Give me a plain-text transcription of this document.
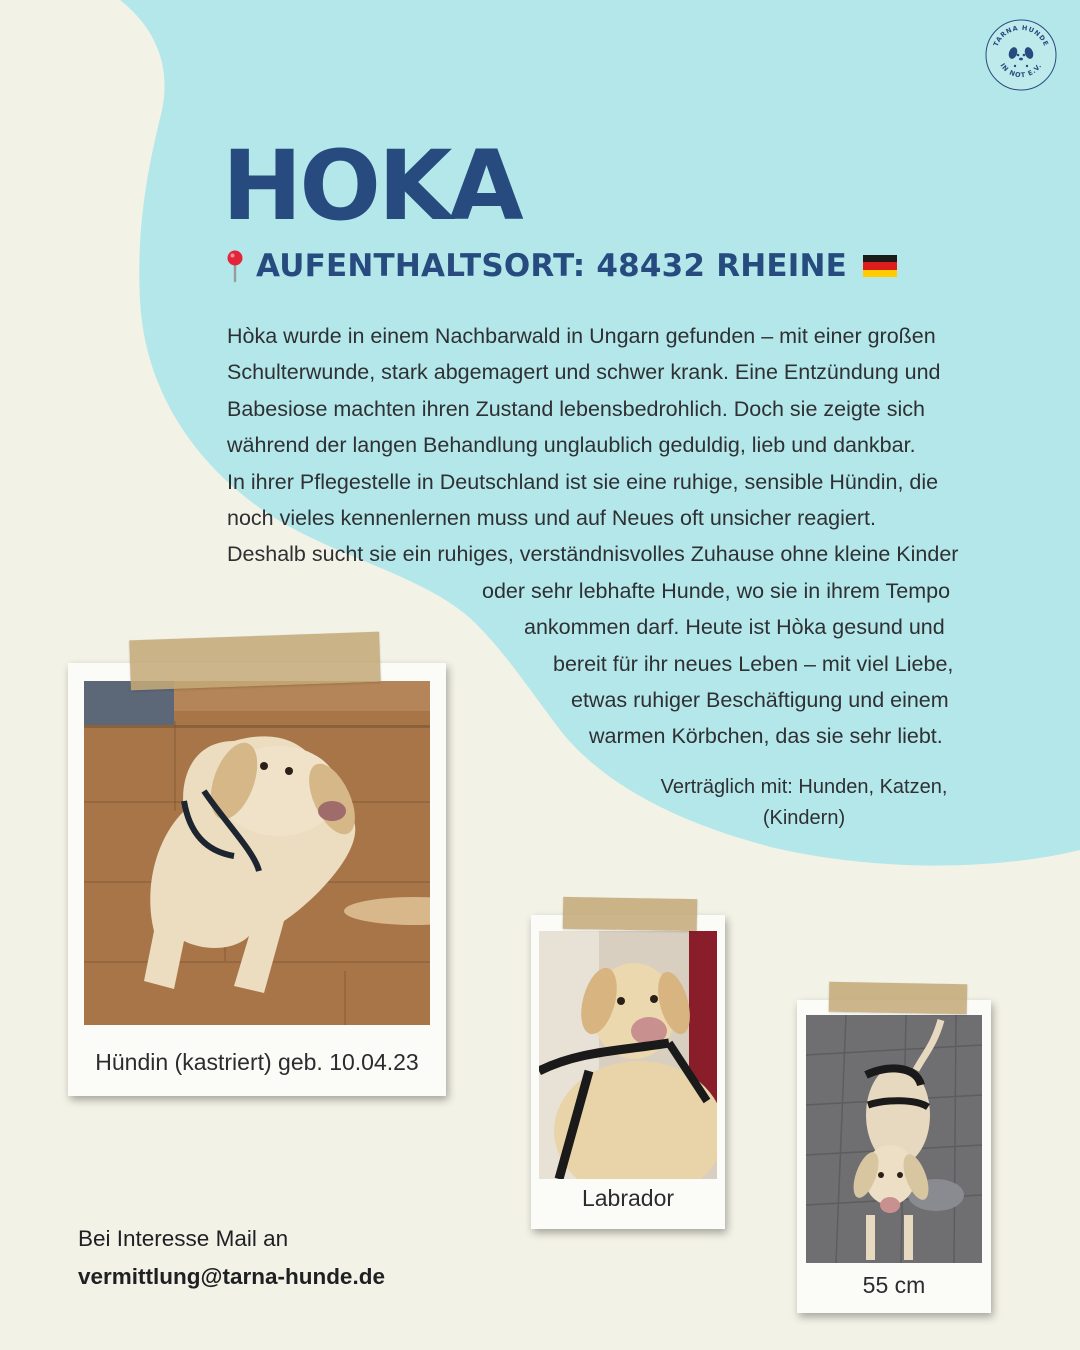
TARNA HUNDE
IN NOT E.V.
HOKA
AUFENTHALTSORT: 48432 RHEINE
Hòka wurde in einem Nachbarwald in Ungarn gefunden – mit einer großen
Schulterwunde, stark abgemagert und schwer krank. Eine Entzündung und
Babesiose machten ihren Zustand lebensbedrohlich. Doch sie zeigte sich
während der langen Behandlung unglaublich geduldig, lieb und dankbar.
In ihrer Pflegestelle in Deutschland ist sie eine ruhige, sensible Hündin, die
noch vieles kennenlernen muss und auf Neues oft unsicher reagiert.
Deshalb sucht sie ein ruhiges, verständnisvolles Zuhause ohne kleine Kinder
oder sehr lebhafte Hunde, wo sie in ihrem Tempo
ankommen darf. Heute ist Hòka gesund und
bereit für ihr neues Leben – mit viel Liebe,
etwas ruhiger Beschäftigung und einem
warmen Körbchen, das sie sehr liebt.
Verträglich mit: Hunden, Katzen,
(Kindern)
Hündin (kastriert) geb. 10.04.23
Labrador
55 cm
Bei Interesse Mail an
vermittlung@tarna-hunde.de
